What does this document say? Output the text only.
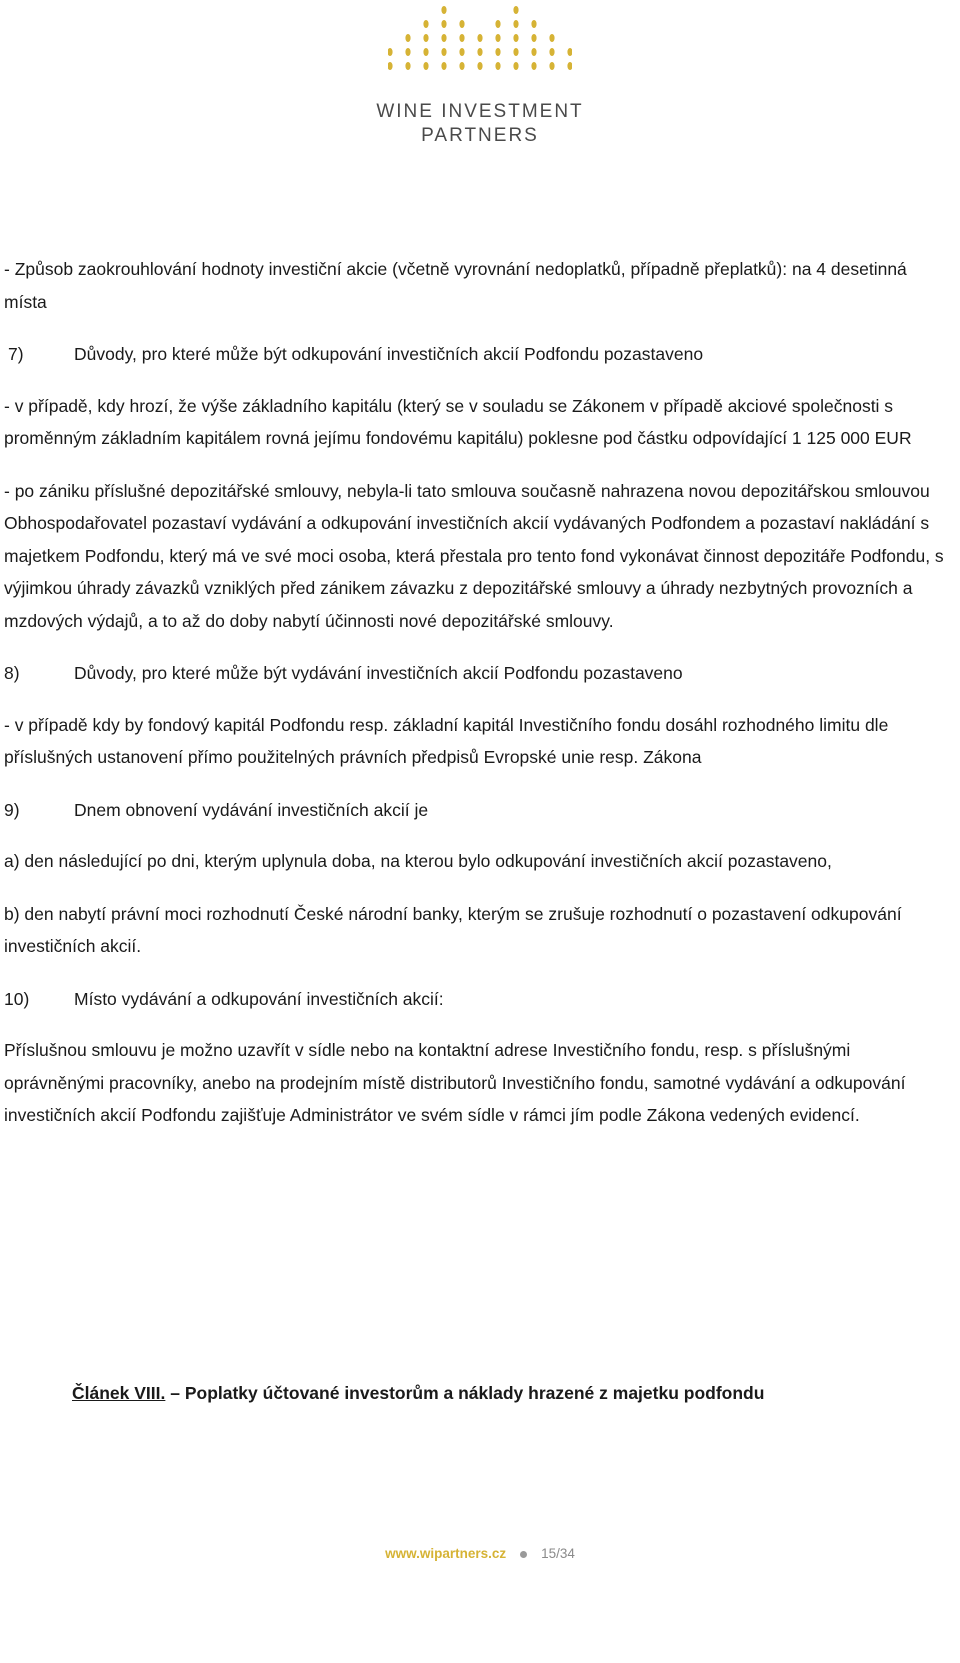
WINE INVESTMENT
PARTNERS

- Způsob zaokrouhlování hodnoty investiční akcie (včetně vyrovnání nedoplatků, případně přeplatků): na 4 desetinná místa

7)	Důvody, pro které může být odkupování investičních akcií Podfondu pozastaveno

- v případě, kdy hrozí, že výše základního kapitálu (který se v souladu se Zákonem v případě akciové společnosti s proměnným základním kapitálem rovná jejímu fondovému kapitálu) poklesne pod částku odpovídající 1 125 000 EUR

- po zániku příslušné depozitářské smlouvy, nebyla-li tato smlouva současně nahrazena novou depozitářskou smlouvou Obhospodařovatel pozastaví vydávání a odkupování investičních akcií vydávaných Podfondem a pozastaví nakládání s majetkem Podfondu, který má ve své moci osoba, která přestala pro tento fond vykonávat činnost depozitáře Podfondu, s výjimkou úhrady závazků vzniklých před zánikem závazku z depozitářské smlouvy a úhrady nezbytných provozních a mzdových výdajů, a to až do doby nabytí účinnosti nové depozitářské smlouvy.

8)	Důvody, pro které může být vydávání investičních akcií Podfondu pozastaveno

- v případě kdy by fondový kapitál Podfondu resp. základní kapitál Investičního fondu dosáhl rozhodného limitu dle příslušných ustanovení přímo použitelných právních předpisů Evropské unie resp. Zákona

9)	Dnem obnovení vydávání investičních akcií je

a) den následující po dni, kterým uplynula doba, na kterou bylo odkupování investičních akcií pozastaveno,

b) den nabytí právní moci rozhodnutí České národní banky, kterým se zrušuje rozhodnutí o pozastavení odkupování investičních akcií.

10)	Místo vydávání a odkupování investičních akcií:

Příslušnou smlouvu je možno uzavřít v sídle nebo na kontaktní adrese Investičního fondu, resp. s příslušnými oprávněnými pracovníky, anebo na prodejním místě distributorů Investičního fondu, samotné vydávání a odkupování investičních akcií Podfondu zajišťuje Administrátor ve svém sídle v rámci jím podle Zákona vedených evidencí.

Článek VIII. – Poplatky účtované investorům a náklady hrazené z majetku podfondu
www.wipartners.cz	15/34
